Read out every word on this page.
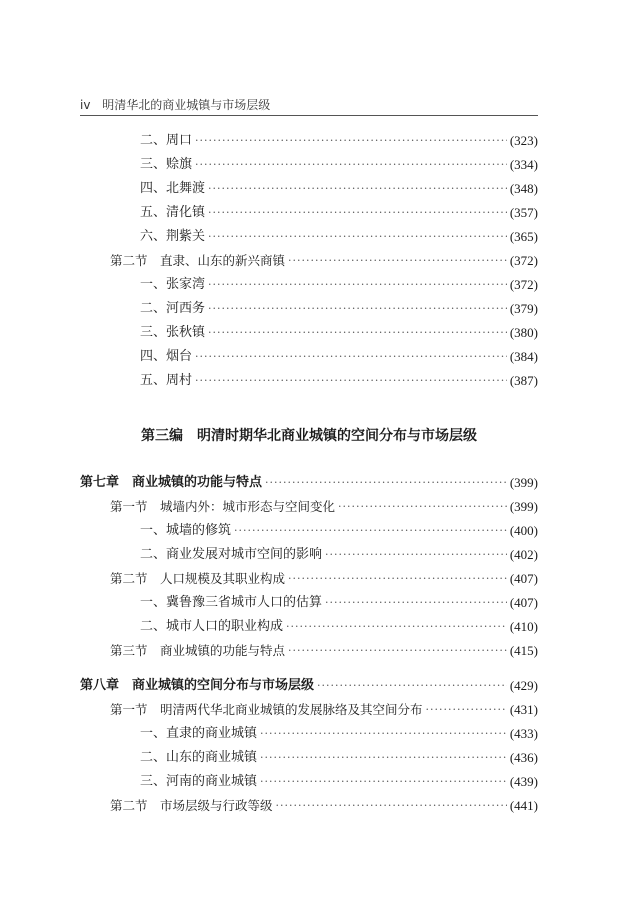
iv 明清华北的商业城镇与市场层级
二、周口 ·····	(323)
三、赊旗 ·····	(334)
四、北舞渡 ·····	(348)
五、清化镇 ·····	(357)
六、荆紫关 ·····	(365)
第二节　直隶、山东的新兴商镇 ·····	(372)
一、张家湾 ·····	(372)
二、河西务 ·····	(379)
三、张秋镇 ·····	(380)
四、烟台 ·····	(384)
五、周村 ·····	(387)
第三编　明清时期华北商业城镇的空间分布与市场层级
第七章　商业城镇的功能与特点 ·····	(399)
第一节　城墙内外：城市形态与空间变化 ·····	(399)
一、城墙的修筑 ·····	(400)
二、商业发展对城市空间的影响 ·····	(402)
第二节　人口规模及其职业构成 ·····	(407)
一、冀鲁豫三省城市人口的估算 ·····	(407)
二、城市人口的职业构成 ·····	(410)
第三节　商业城镇的功能与特点 ·····	(415)
第八章　商业城镇的空间分布与市场层级 ·····	(429)
第一节　明清两代华北商业城镇的发展脉络及其空间分布 ·····	(431)
一、直隶的商业城镇 ·····	(433)
二、山东的商业城镇 ·····	(436)
三、河南的商业城镇 ·····	(439)
第二节　市场层级与行政等级 ·····	(441)
